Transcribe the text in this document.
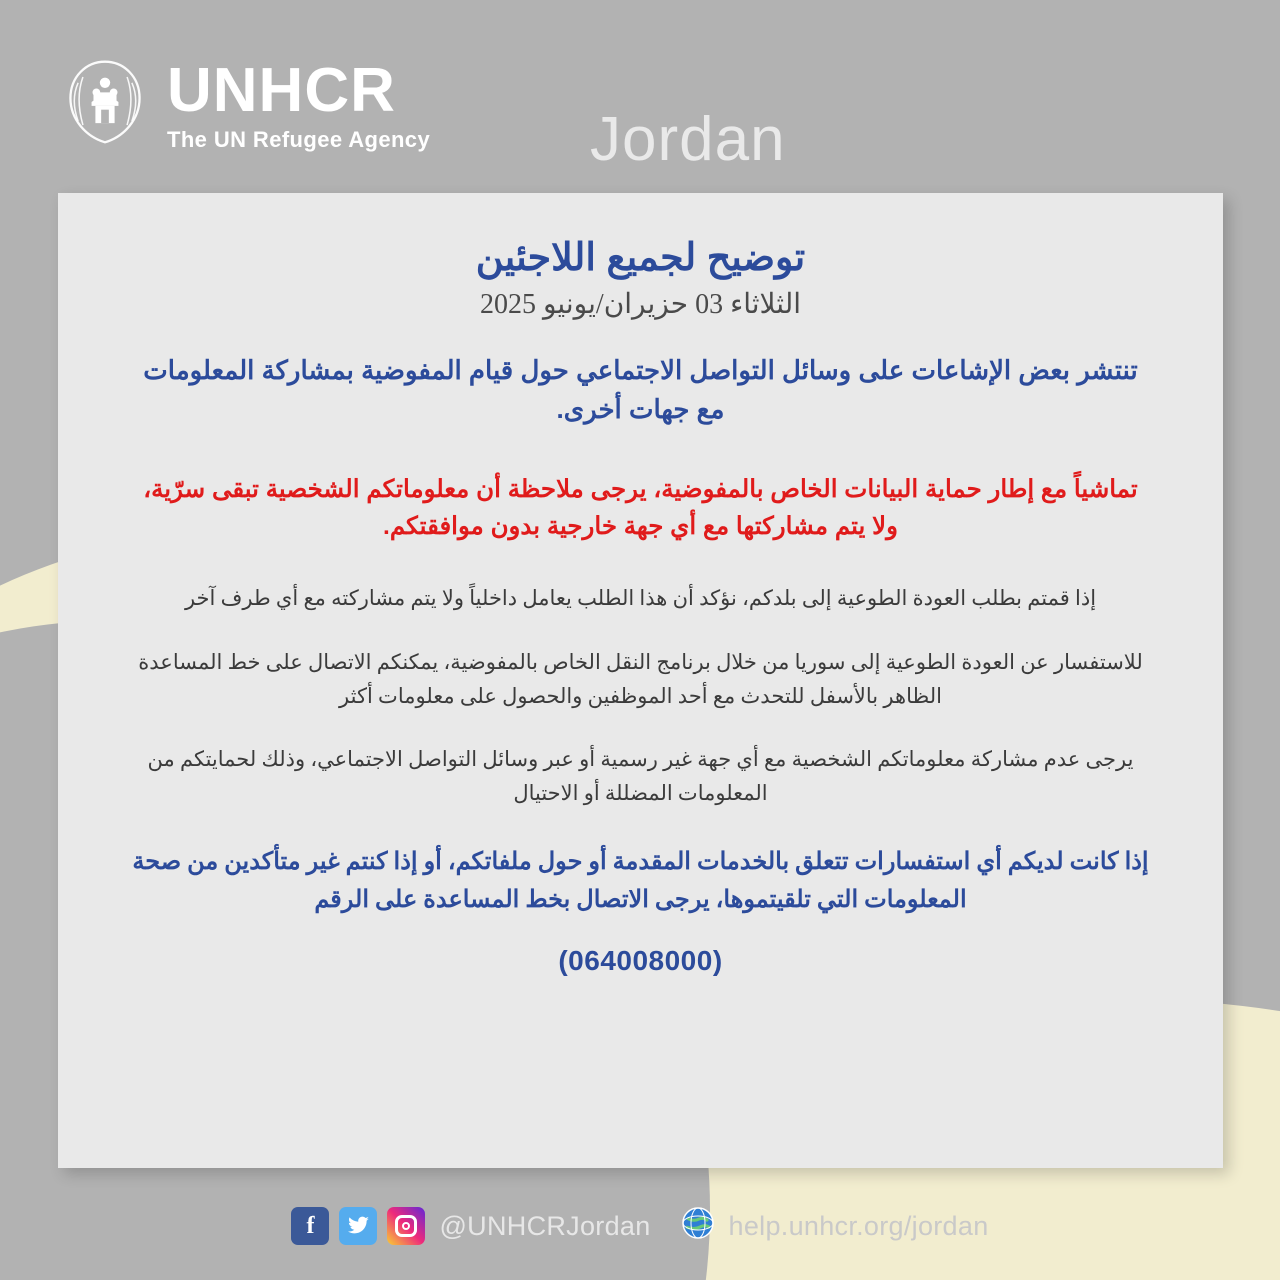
UNHCR
The UN Refugee Agency	Jordan
توضيح لجميع اللاجئين
الثلاثاء 03 حزيران/يونيو 2025
تنتشر بعض الإشاعات على وسائل التواصل الاجتماعي حول قيام المفوضية بمشاركة المعلومات مع جهات أخرى.
تماشياً مع إطار حماية البيانات الخاص بالمفوضية، يرجى ملاحظة أن معلوماتكم الشخصية تبقى سرّية، ولا يتم مشاركتها مع أي جهة خارجية بدون موافقتكم.
إذا قمتم بطلب العودة الطوعية إلى بلدكم، نؤكد أن هذا الطلب يعامل داخلياً ولا يتم مشاركته مع أي طرف آخر
للاستفسار عن العودة الطوعية إلى سوريا من خلال برنامج النقل الخاص بالمفوضية، يمكنكم الاتصال على خط المساعدة الظاهر بالأسفل للتحدث مع أحد الموظفين والحصول على معلومات أكثر
يرجى عدم مشاركة معلوماتكم الشخصية مع أي جهة غير رسمية أو عبر وسائل التواصل الاجتماعي، وذلك لحمايتكم من المعلومات المضللة أو الاحتيال
إذا كانت لديكم أي استفسارات تتعلق بالخدمات المقدمة أو حول ملفاتكم، أو إذا كنتم غير متأكدين من صحة المعلومات التي تلقيتموها، يرجى الاتصال بخط المساعدة على الرقم
(064008000)
f	@UNHCRJordan	help.unhcr.org/jordan
